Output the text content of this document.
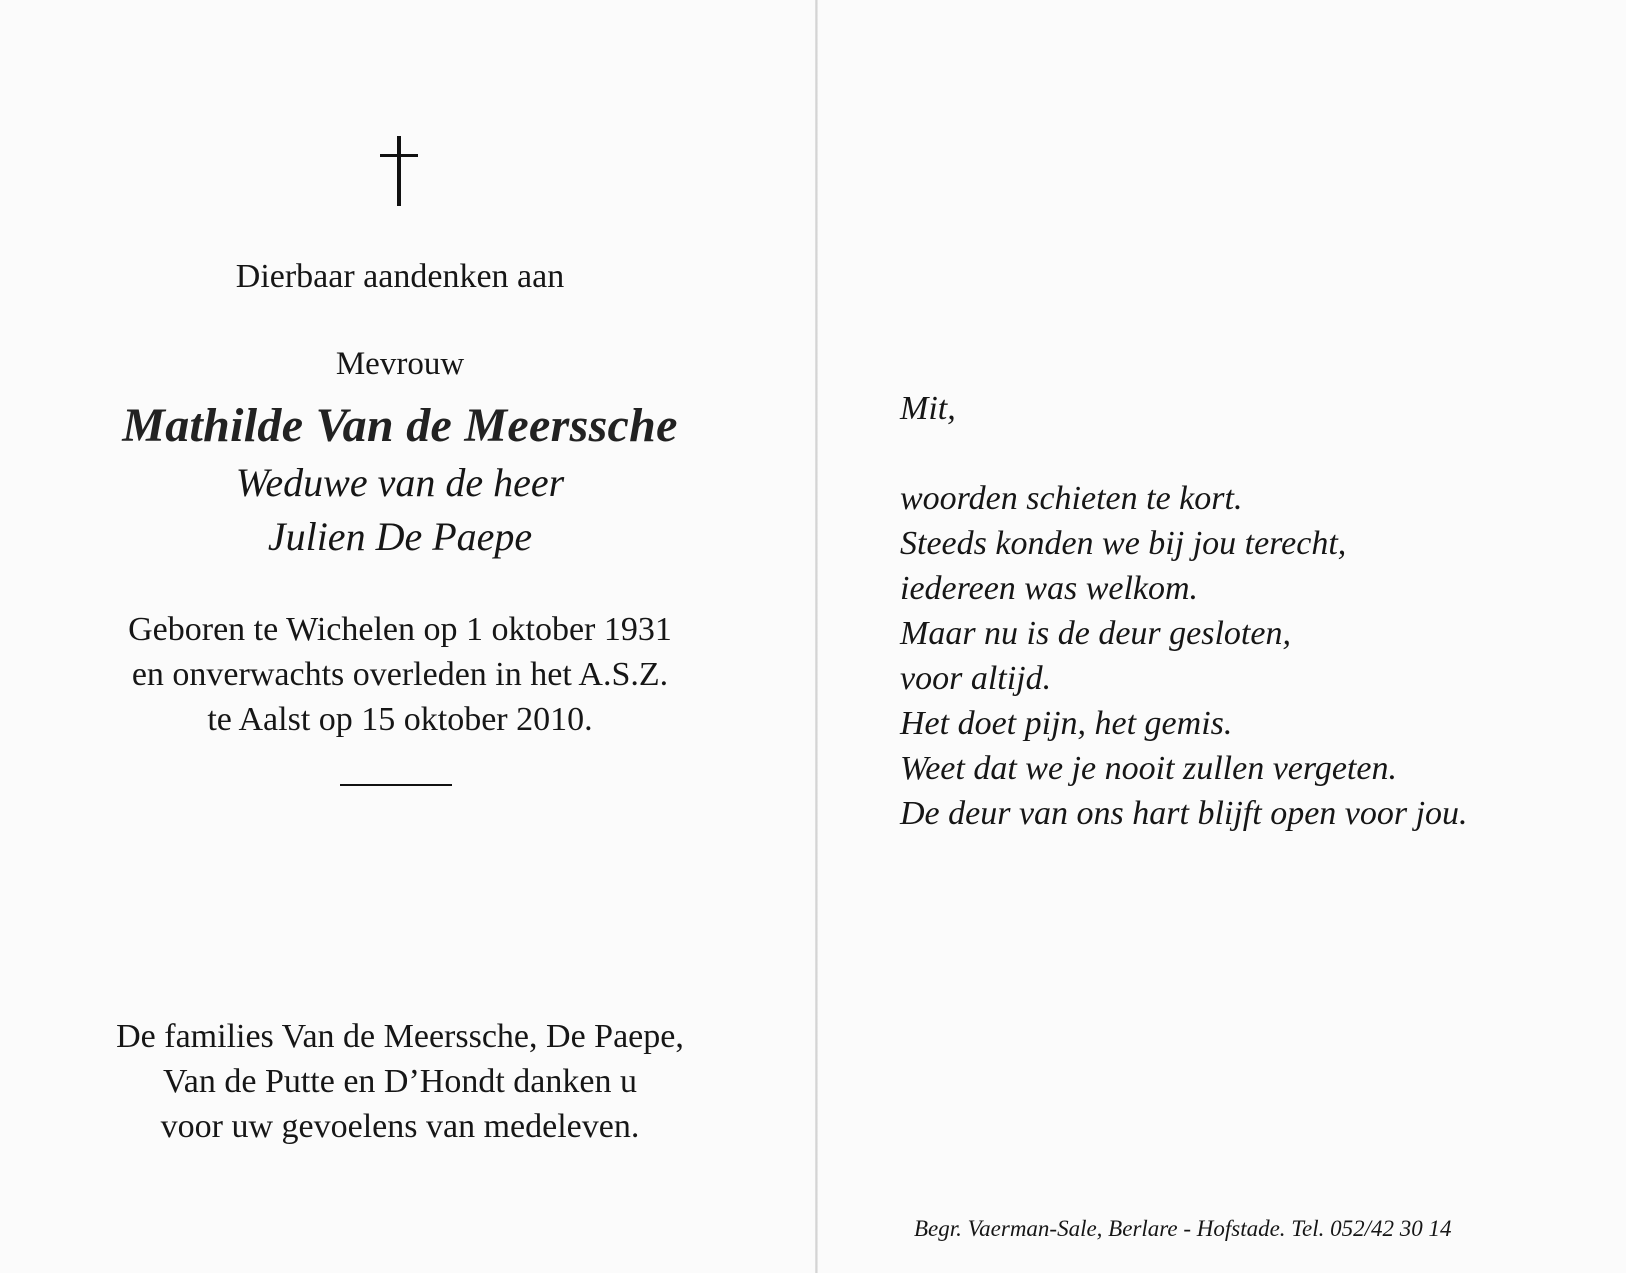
Dierbaar aandenken aan
Mevrouw
Mathilde Van de Meerssche
Weduwe van de heer
Julien De Paepe
Geboren te Wichelen op 1 oktober 1931
en onverwachts overleden in het A.S.Z.
te Aalst op 15 oktober 2010.
De families Van de Meerssche, De Paepe,
Van de Putte en D’Hondt danken u
voor uw gevoelens van medeleven.
Mit,
woorden schieten te kort.
Steeds konden we bij jou terecht,
iedereen was welkom.
Maar nu is de deur gesloten,
voor altijd.
Het doet pijn, het gemis.
Weet dat we je nooit zullen vergeten.
De deur van ons hart blijft open voor jou.
Begr. Vaerman-Sale, Berlare - Hofstade. Tel. 052/42 30 14
